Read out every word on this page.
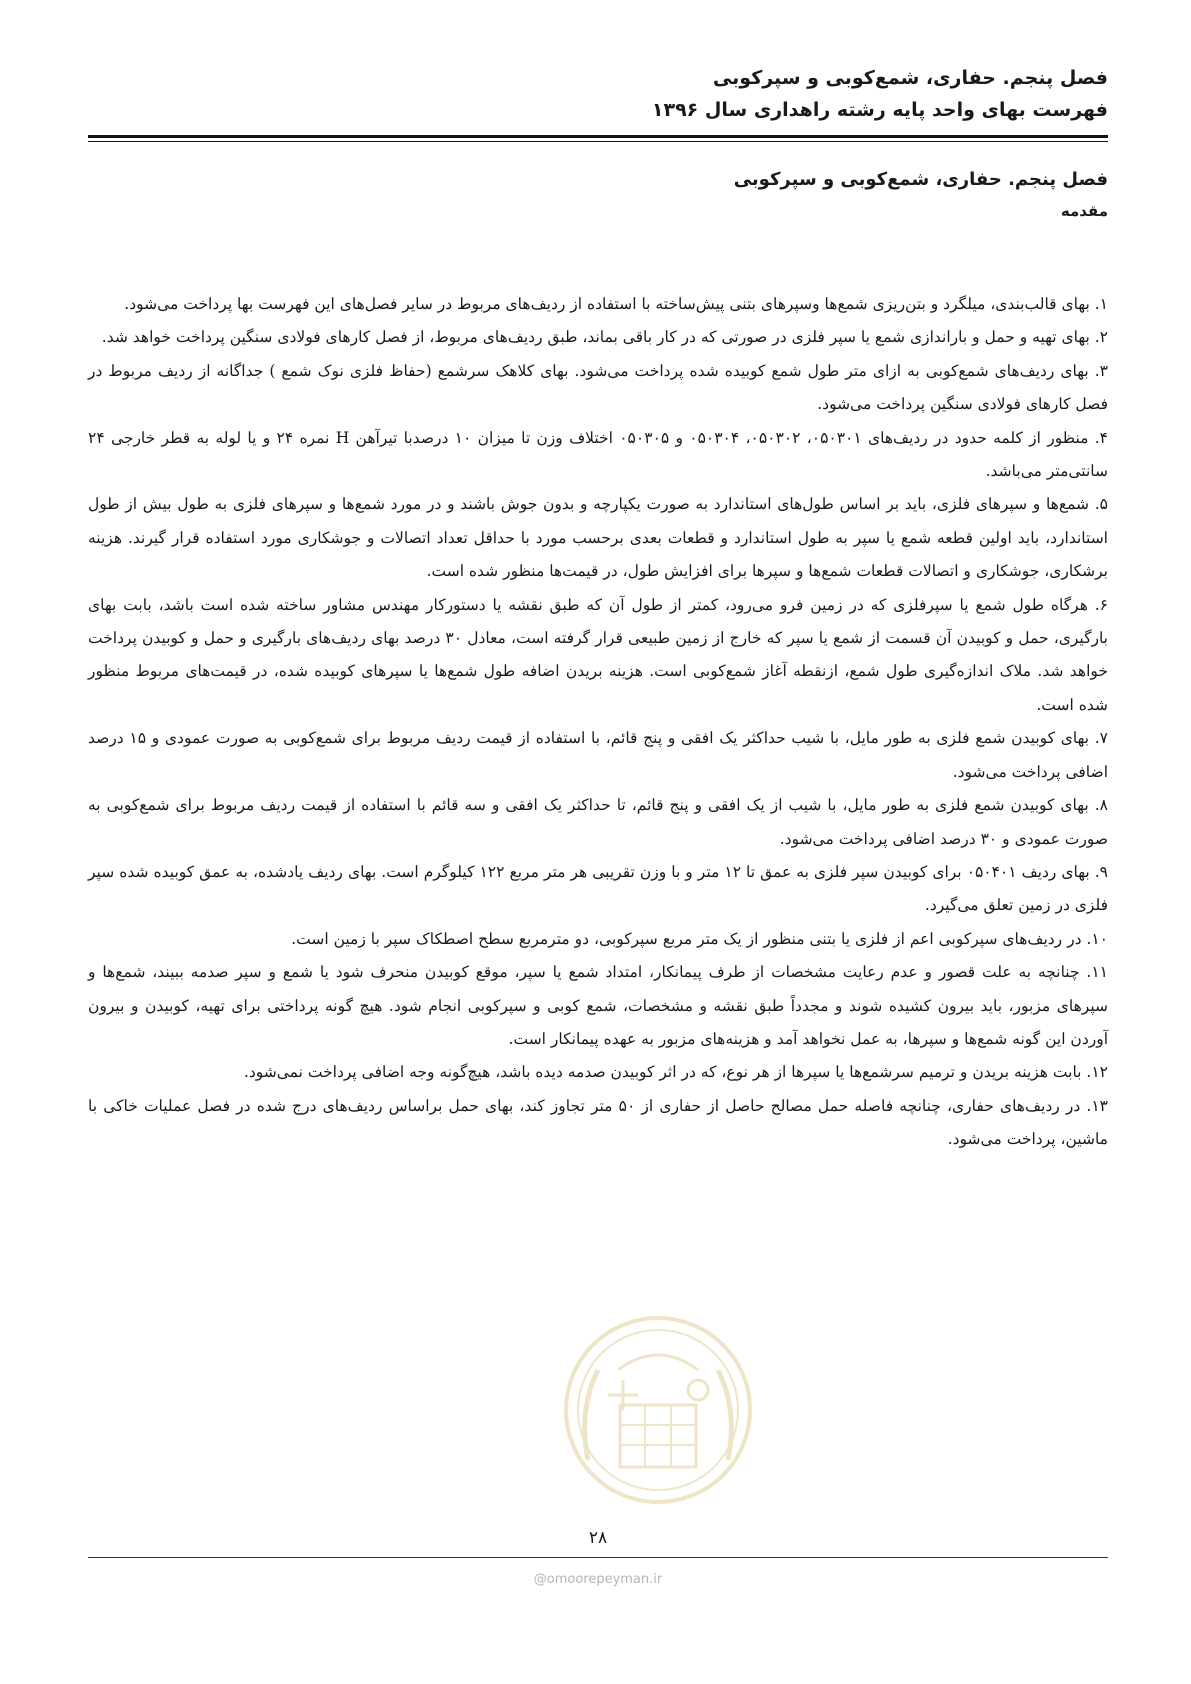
فصل پنجم. حفاری، شمع‌کوبی و سپرکوبی
فهرست بهای واحد پایه رشته راهداری سال ۱۳۹۶
فصل پنجم. حفاری، شمع‌کوبی و سپرکوبی
مقدمه

۱. بهای قالب‌بندی، میلگرد و بتن‌ریزی شمع‌ها وسپرهای بتنی پیش‌ساخته با استفاده از ردیف‌های مربوط در سایر فصل‌های این فهرست بها پرداخت می‌شود.

۲. بهای تهیه و حمل و باراندازی شمع یا سپر فلزی در صورتی که در کار باقی بماند، طبق ردیف‌های مربوط، از فصل کارهای فولادی سنگین پرداخت خواهد شد.

۳. بهای ردیف‌های شمع‌کوبی به ازای متر طول شمع کوبیده شده پرداخت می‌شود. بهای کلاهک سرشمع (حفاظ فلزی نوک شمع ) جداگانه از ردیف مربوط در فصل کارهای فولادی سنگین پرداخت می‌شود.

۴. منظور از کلمه حدود در ردیف‌های ۰۵۰۳۰۱، ۰۵۰۳۰۲، ۰۵۰۳۰۴ و ۰۵۰۳۰۵ اختلاف وزن تا میزان ۱۰ درصدبا تیرآهن H نمره ۲۴ و یا لوله به قطر خارجی ۲۴ سانتی‌متر می‌باشد.

۵. شمع‌ها و سپرهای فلزی، باید بر اساس طول‌های استاندارد به صورت یکپارچه و بدون جوش باشند و در مورد شمع‌ها و سپرهای فلزی به طول بیش از طول استاندارد، باید اولین قطعه شمع یا سپر به طول استاندارد و قطعات بعدی برحسب مورد با حداقل تعداد اتصالات و جوشکاری مورد استفاده قرار گیرند. هزینه برشکاری، جوشکاری و اتصالات قطعات شمع‌ها و سپرها برای افزایش طول، در قیمت‌ها منظور شده است.

۶. هرگاه طول شمع یا سپرفلزی که در زمین فرو می‌رود، کمتر از طول آن که طبق نقشه یا دستورکار مهندس مشاور ساخته شده است باشد، بابت بهای بارگیری، حمل و کوبیدن آن قسمت از شمع یا سپر که خارج از زمین طبیعی قرار گرفته است، معادل ۳۰ درصد بهای ردیف‌های بارگیری و حمل و کوبیدن پرداخت خواهد شد. ملاک اندازه‌گیری طول شمع، ازنقطه آغاز شمع‌کوبی است. هزینه بریدن اضافه طول شمع‌ها یا سپرهای کوبیده شده، در قیمت‌های مربوط منظور شده است.

۷. بهای کوبیدن شمع فلزی به طور مایل، با شیب حداکثر یک افقی و پنج قائم، با استفاده از قیمت ردیف مربوط برای شمع‌کوبی به صورت عمودی و ۱۵ درصد اضافی پرداخت می‌شود.

۸. بهای کوبیدن شمع فلزی به طور مایل، با شیب از یک افقی و پنج قائم، تا حداکثر یک افقی و سه قائم با استفاده از قیمت ردیف مربوط برای شمع‌کوبی به صورت عمودی و ۳۰ درصد اضافی پرداخت می‌شود.

۹. بهای ردیف ۰۵۰۴۰۱ برای کوبیدن سپر فلزی به عمق تا ۱۲ متر و با وزن تقریبی هر متر مربع ۱۲۲ کیلوگرم است. بهای ردیف یادشده، به عمق کوبیده شده سپر فلزی در زمین تعلق می‌گیرد.

۱۰. در ردیف‌های سپرکوبی اعم از فلزی یا بتنی منظور از یک متر مربع سپرکوبی، دو مترمربع سطح اصطکاک سپر با زمین است.

۱۱. چنانچه به علت قصور و عدم رعایت مشخصات از طرف پیمانکار، امتداد شمع یا سپر، موقع کوبیدن منحرف شود یا شمع و سپر صدمه ببیند، شمع‌ها و سپرهای مزبور، باید بیرون کشیده شوند و مجدداً طبق نقشه و مشخصات، شمع کوبی و سپرکوبی انجام شود. هیچ گونه پرداختی برای تهیه، کوبیدن و بیرون آوردن این گونه شمع‌ها و سپرها، به عمل نخواهد آمد و هزینه‌های مزبور به عهده پیمانکار است.

۱۲. بابت هزینه بریدن و ترمیم سرشمع‌ها یا سپرها از هر نوع، که در اثر کوبیدن صدمه دیده باشد، هیچ‌گونه وجه اضافی پرداخت نمی‌شود.

۱۳. در ردیف‌های حفاری، چنانچه فاصله حمل مصالح حاصل از حفاری از ۵۰ متر تجاوز کند، بهای حمل براساس ردیف‌های درج شده در فصل عملیات خاکی با ماشین، پرداخت می‌شود.

۲۸
@omoorepeyman.ir
